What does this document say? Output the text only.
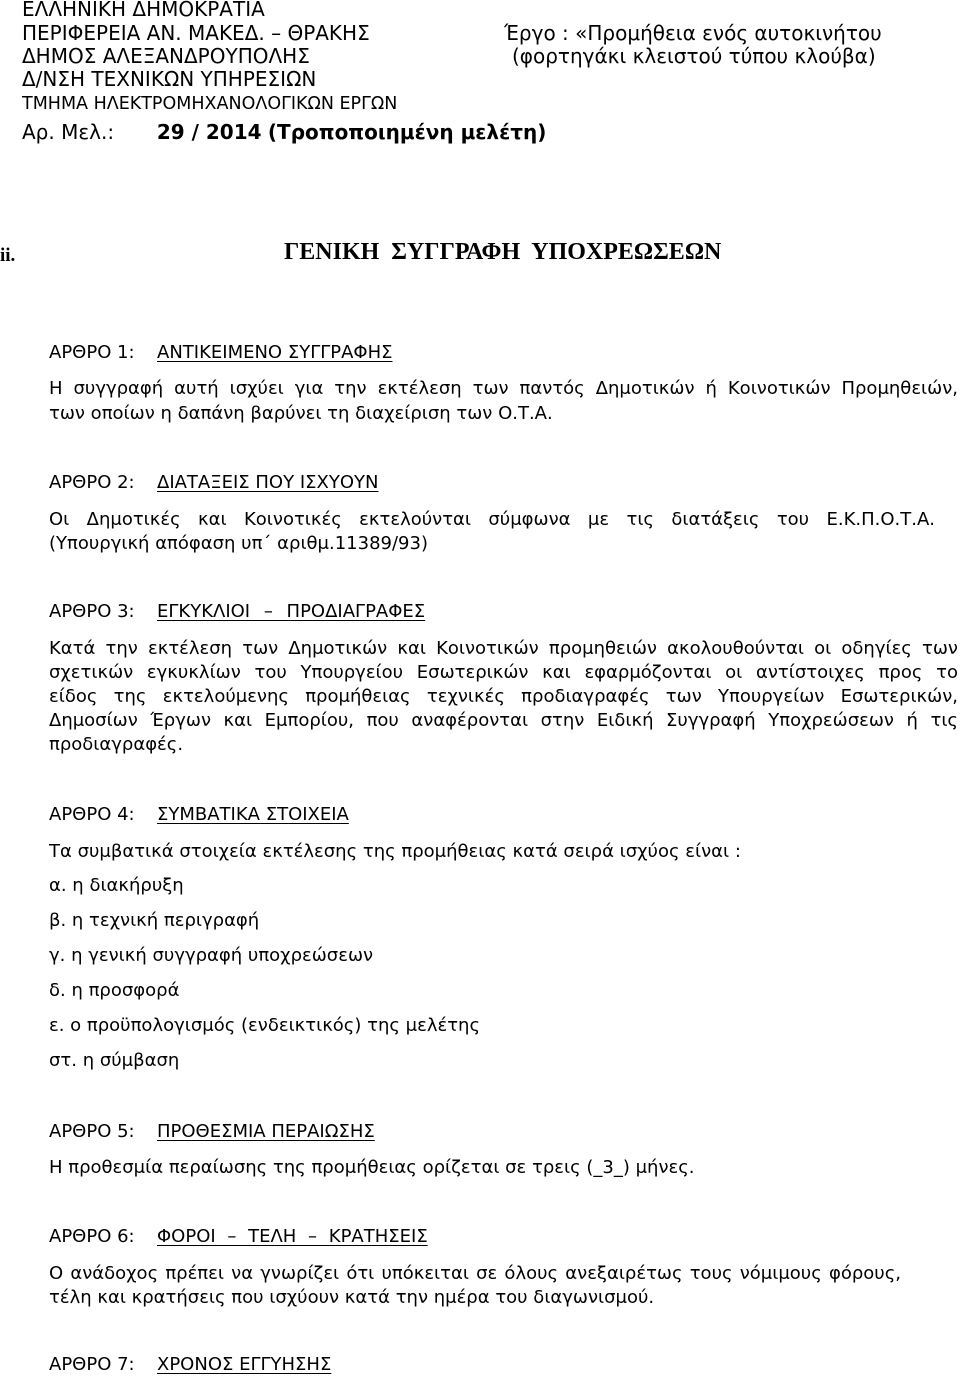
ΕΛΛΗΝΙΚΗ ΔΗΜΟΚΡΑΤΙΑ
ΠΕΡΙΦΕΡΕΙΑ ΑΝ. ΜΑΚΕΔ. – ΘΡΑΚΗΣ
ΔΗΜΟΣ ΑΛΕΞΑΝΔΡΟΥΠΟΛΗΣ
Δ/ΝΣΗ ΤΕΧΝΙΚΩΝ ΥΠΗΡΕΣΙΩΝ
ΤΜΗΜΑ ΗΛΕΚΤΡΟΜΗΧΑΝΟΛΟΓΙΚΩΝ ΕΡΓΩΝ
Αρ. Μελ.: 29 / 2014 (Τροποποιημένη μελέτη)
Έργο : «Προμήθεια ενός αυτοκινήτου
(φορτηγάκι κλειστού τύπου κλούβα)
ii.	ΓΕΝΙΚΗ ΣΥΓΓΡΑΦΗ ΥΠΟΧΡΕΩΣΕΩΝ
ΑΡΘΡΟ 1: ΑΝΤΙΚΕΙΜΕΝΟ ΣΥΓΓΡΑΦΗΣ
Η συγγραφή αυτή ισχύει για την εκτέλεση των παντός Δημοτικών ή Κοινοτικών Προμηθειών,
των οποίων η δαπάνη βαρύνει τη διαχείριση των Ο.Τ.Α.
ΑΡΘΡΟ 2: ΔΙΑΤΑΞΕΙΣ ΠΟΥ ΙΣΧΥΟΥΝ
Οι Δημοτικές και Κοινοτικές εκτελούνται σύμφωνα με τις διατάξεις του Ε.Κ.Π.Ο.Τ.Α.
(Υπουργική απόφαση υπ΄ αριθμ.11389/93)
ΑΡΘΡΟ 3: ΕΓΚΥΚΛΙΟΙ – ΠΡΟΔΙΑΓΡΑΦΕΣ
Κατά την εκτέλεση των Δημοτικών και Κοινοτικών προμηθειών ακολουθούνται οι οδηγίες των
σχετικών εγκυκλίων του Υπουργείου Εσωτερικών και εφαρμόζονται οι αντίστοιχες προς το
είδος της εκτελούμενης προμήθειας τεχνικές προδιαγραφές των Υπουργείων Εσωτερικών,
Δημοσίων Έργων και Εμπορίου, που αναφέρονται στην Ειδική Συγγραφή Υποχρεώσεων ή τις
προδιαγραφές.
ΑΡΘΡΟ 4: ΣΥΜΒΑΤΙΚΑ ΣΤΟΙΧΕΙΑ
Τα συμβατικά στοιχεία εκτέλεσης της προμήθειας κατά σειρά ισχύος είναι :
α. η διακήρυξη
β. η τεχνική περιγραφή
γ. η γενική συγγραφή υποχρεώσεων
δ. η προσφορά
ε. ο προϋπολογισμός (ενδεικτικός) της μελέτης
στ. η σύμβαση
ΑΡΘΡΟ 5: ΠΡΟΘΕΣΜΙΑ ΠΕΡΑΙΩΣΗΣ
Η προθεσμία περαίωσης της προμήθειας ορίζεται σε τρεις (_3_) μήνες.
ΑΡΘΡΟ 6: ΦΟΡΟΙ – ΤΕΛΗ – ΚΡΑΤΗΣΕΙΣ
Ο ανάδοχος πρέπει να γνωρίζει ότι υπόκειται σε όλους ανεξαιρέτως τους νόμιμους φόρους,
τέλη και κρατήσεις που ισχύουν κατά την ημέρα του διαγωνισμού.
ΑΡΘΡΟ 7: ΧΡΟΝΟΣ ΕΓΓΥΗΣΗΣ
